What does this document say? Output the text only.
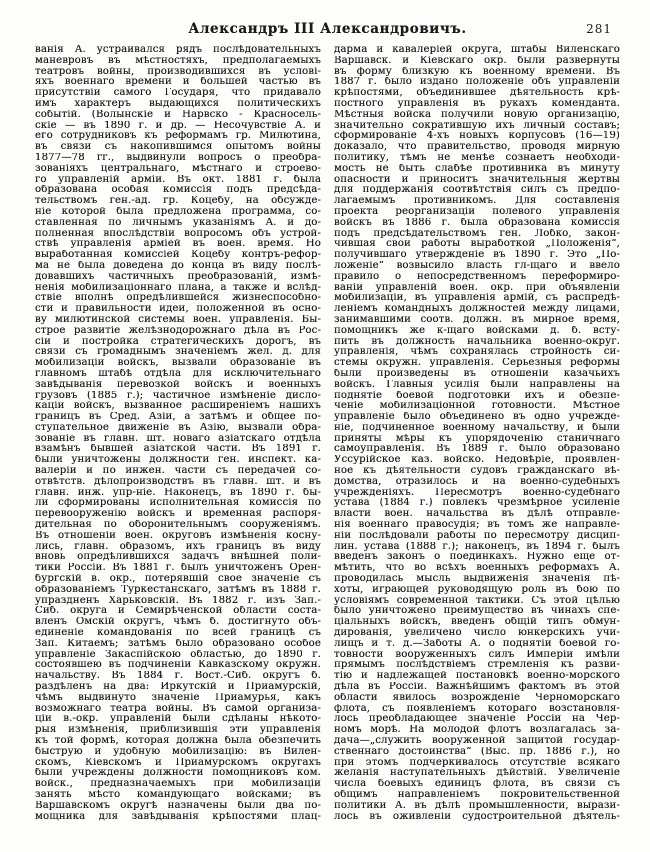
Александръ III Александровичъ.	281
ванія А. устраивался рядъ послѣдовательныхъ
маневровъ въ мѣстностяхъ, предполагаемыхъ
театровъ войны, производившихся въ услові-
яхъ военнаго времени и большей частью въ
присутствіи самого Государя, что придавало
имъ характеръ выдающихся политическихъ
событій. (Волынскіе и Нарвско - Красносель-
скіе — въ 1890 г. и др. — Несочувствіе А. и
его сотрудниковъ къ реформамъ гр. Милютина,
въ связи съ накопившимся опытомъ войны
1877—78 гг., выдвинули вопросъ о преобра-
зованіяхъ центральнаго, мѣстнаго и строево-
го управленій арміи. Въ окт. 1881 г. была
образована особая комиссія подъ предсѣда-
тельствомъ ген.-ад. гр. Коцебу, на обсужде-
ніе которой была предложена программа, со-
ставленная по личнымъ указаніямъ А. и до-
полненная впослѣдствіи вопросомъ объ устрой-
ствѣ управленія арміей въ воен. время. Но
выработанная комиссіей Коцебу контръ-рефор-
ма не была доведена до конца въ виду послѣ-
довавшихъ частичныхъ преобразованій, измѣ-
ненія мобилизаціоннаго плана, а также и вслѣд-
ствіе вполнѣ опредѣлившейся жизнеспособно-
сти и правильности идеи, положенной въ осно-
ву милютинской системы воен. управленія. Бы-
строе развитіе желѣзнодорожнаго дѣла въ Рос-
сіи и постройка стратегическихъ дорогъ, въ
связи съ громаднымъ значеніемъ жел. д. для
мобилизаціи войскъ, вызвали образованіе въ
главномъ штабѣ отдѣла для исключительнаго
завѣдыванія перевозкой войскъ и военныхъ
грузовъ (1885 г.); частичное измѣненіе дисло-
каціи войскъ, вызванное расширеніемъ нашихъ
границъ въ Сред. Азіи, а затѣмъ и общее по-
ступательное движеніе въ Азію, вызвали обра-
зованіе въ главн. шт. новаго азіатскаго отдѣла
взамѣнъ бывшей азіатской части. Въ 1891 г.
были уничтожены должности ген. инспект. ка-
валеріи и по инжен. части съ передачей со-
отвѣтств. дѣлопроизводствъ въ главн. шт. и въ
главн. инж. упр-ніе. Наконецъ, въ 1890 г. бы-
ли сформированы исполнительная комиссія по
перевооруженію войскъ и временная распоря-
дительная по оборонительнымъ сооруженіямъ.
Въ отношеніи воен. округовъ измѣненія косну-
лись, главн. образомъ, ихъ границъ въ виду
вновь опредѣлившихся задачъ внѣшней поли-
тики Россіи. Въ 1881 г. былъ уничтоженъ Орен-
бургскій в. окр., потерявшій свое значеніе съ
образованіемъ Туркестанскаго, затѣмъ въ 1888 г.
упраздненъ Харьковскій. Въ 1882 г. изъ Зап.-
Сиб. округа и Семирѣченской области соста-
вленъ Омскій округъ, чѣмъ б. достигнуто объ-
единеніе командованія по всей границѣ съ
Зап. Китаемъ; затѣмъ было образовано особое
управленіе Закаспійскою областью, до 1890 г.
состоявшею въ подчиненіи Кавказскому окружн.
начальству. Въ 1884 г. Вост.-Сиб. округъ б.
раздѣленъ на два: Иркутскій и Приамурскій,
чѣмъ выдвинуто значеніе Приамурья, какъ
возможнаго театра войны. Въ самой организа-
ціи в.-окр. управленій были сдѣланы нѣкото-
рыя измѣненія, приблизившія эти управленія
къ той формѣ, которая должна была обезпечить
быструю и удобную мобилизацію: въ Вилен-
скомъ, Кіевскомъ и Приамурскомъ округахъ
были учреждены должности помощниковъ ком.
войск., предназначаемыхъ при мобилизаціи
занять мѣсто командующаго войсками; въ
Варшавскомъ округѣ назначены были два по-
мощника для завѣдыванія крѣпостями плац-
дарма и кавалеріей округа, штабы Виленскаго
Варшавск. и Кіевскаго окр. были развернуты
въ форму близкую къ военному времени. Въ
1887 г. было издано положеніе объ управленіи
крѣпостями, объединившее дѣятельность крѣ-
постного управленія въ рукахъ коменданта.
Мѣстныя войска получили новую организацію,
значительно сократившую ихъ личный составъ;
сформированіе 4-хъ новыхъ корпусовъ (16—19)
доказало, что правительство, проводя мирную
политику, тѣмъ не менѣе сознаетъ необходи-
мость не быть слабѣе противника въ минуту
опасности и приноситъ значительныя жертвы
для поддержанія соотвѣтствія силъ съ предпо-
лагаемымъ противникомъ. Для составленія
проекта реорганизаціи полевого управленія
войскъ въ 1886 г. была образована комиссія
подъ предсѣдательствомъ ген. Лобко, закон-
чившая свои работы выработкой „Положенія“,
получившаго утвержденіе въ 1890 г. Это „По-
ложеніе“ возвысило власть гл-щаго и ввело
правило о непосредственномъ переформиро-
ваніи управленій воен. окр. при объявленіи
мобилизаціи, въ управленія армій, съ распредѣ-
леніемъ командныхъ должностей между лицами,
занимавшими соотв. должн. въ мирное время,
помощникъ же к-щаго войсками д. б. всту-
пить въ должность начальника военно-округ.
управленія, чѣмъ сохранялась стройность си-
стемы окружн. управленія. Серьезныя реформы
были произведены въ отношеніи казачьихъ
войскъ. Главныя усилія были направлены на
поднятіе боевой подготовки ихъ и обезпе-
ченіе мобилизаціонной готовности. Мѣстное
управленіе было объединено въ одно учрежде-
ніе, подчиненное военному начальству, и были
приняты мѣры къ упорядоченію станичнаго
самоуправленія. Въ 1889 г. было образовано
Уссурійское каз. войско. Недовѣріе, проявлен-
ное къ дѣятельности судовъ гражданскаго вѣ-
домства, отразилось и на военно-судебныхъ
учрежденіяхъ. Пересмотръ военно-судебнаго
устава (1884 г.) повлекъ чрезмѣрное усиленіе
власти воен. начальства въ дѣлѣ отправле-
нія военнаго правосудія; въ томъ же направле-
ніи послѣдовали работы по пересмотру дисцип-
лин. устава (1888 г.); наконецъ, въ 1894 г. былъ
введенъ законъ о поединкахъ. Нужно еще от-
мѣтить, что во всѣхъ военныхъ реформахъ А.
проводилась мысль выдвиженія значенія пѣ-
хоты, играющей руководящую роль въ бою по
условіямъ современной тактики. Съ этой цѣлью
было уничтожено преимущество въ чинахъ спе-
ціальныхъ войскъ, введенъ общій типъ обмун-
дированія, увеличено число юнкерскихъ учи-
лищъ и т. д.—Заботы А. о поднятіи боевой го-
товности вооруженныхъ силъ Имперіи имѣли
прямымъ послѣдствіемъ стремленія къ разви-
тію и надлежащей постановкѣ военно-морского
дѣла въ Россіи. Важнѣйшимъ фактомъ въ этой
области явилось возрожденіе Черноморскаго
флота, съ появленіемъ котораго возстановля-
лось преобладающее значеніе Россіи на Чер-
номъ морѣ. На молодой флотъ возлагалась за-
дача—„служить вооруженной защитой государ-
ственнаго достоинства“ (Выс. пр. 1886 г.), но
при этомъ подчеркивалось отсутствіе всякаго
желанія наступательныхъ дѣйствій. Увеличеніе
числа боевыхъ единицъ флота, въ связи съ
общимъ направленіемъ покровительственной
политики А. въ дѣлѣ промышленности, вырази-
лось въ оживленіи судостроительной дѣятель-
